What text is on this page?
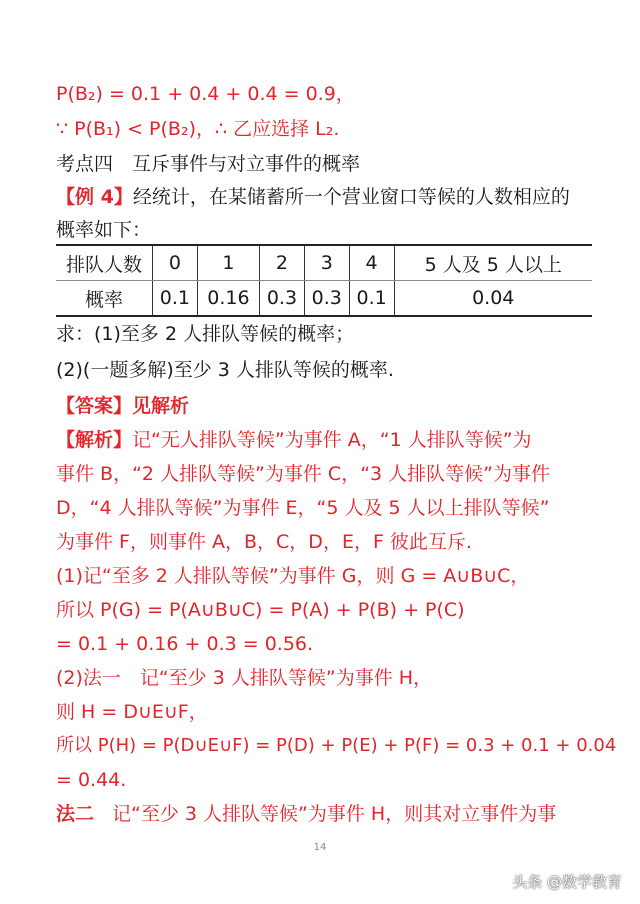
P(B₂) = 0.1 + 0.4 + 0.4 = 0.9，
∵ P(B₁) < P(B₂)，∴ 乙应选择 L₂.
考点四　互斥事件与对立事件的概率
【例 4】经统计，在某储蓄所一个营业窗口等候的人数相应的
概率如下：
排队人数	0	1	2	3	4	5 人及 5 人以上
概率	0.1	0.16	0.3	0.3	0.1	0.04
求：(1)至多 2 人排队等候的概率；
(2)(一题多解)至少 3 人排队等候的概率.
【答案】见解析
【解析】记“无人排队等候”为事件 A，“1 人排队等候”为
事件 B，“2 人排队等候”为事件 C，“3 人排队等候”为事件
D，“4 人排队等候”为事件 E，“5 人及 5 人以上排队等候”
为事件 F，则事件 A，B，C，D，E，F 彼此互斥.
(1)记“至多 2 人排队等候”为事件 G，则 G = A∪B∪C，
所以 P(G) = P(A∪B∪C) = P(A) + P(B) + P(C)
= 0.1 + 0.16 + 0.3 = 0.56.
(2)法一　记“至少 3 人排队等候”为事件 H，
则 H = D∪E∪F，
所以 P(H) = P(D∪E∪F) = P(D) + P(E) + P(F) = 0.3 + 0.1 + 0.04
= 0.44.
法二 记“至少 3 人排队等候”为事件 H，则其对立事件为事
14
头条 @数学教育
